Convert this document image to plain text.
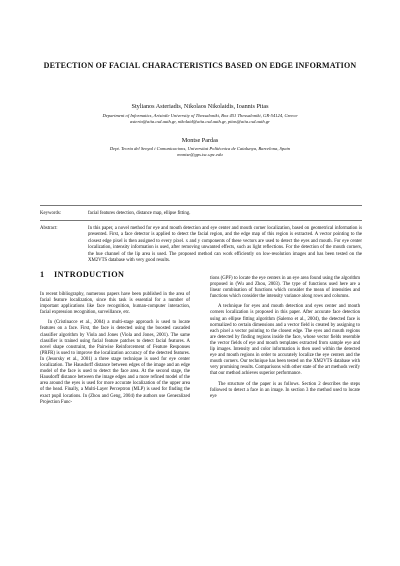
DETECTION OF FACIAL CHARACTERISTICS BASED ON EDGE INFORMATION
Stylianos Asteriadis, Nikolaos Nikolaidis, Ioannis Pitas
Department of Informatics, Aristotle University of Thessaloniki, Box 451 Thessaloniki, GR-54124, Greece
asteria@aiia.csd.auth.gr, nikolaid@aiia.csd.auth.gr, pitas@aiia.csd.auth.gr
Montse Pardas
Dept. Teoria del Senyal i Comunicacions, Universitat Politècnica de Catalunya, Barcelona, Spain
montse@gps.tsc.upc.edu
Keywords:	facial features detection, distance map, ellipse fitting.
Abstract:	In this paper, a novel method for eye and mouth detection and eye center and mouth corner localization, based on geometrical information is presented. First, a face detector is applied to detect the facial region, and the edge map of this region is extracted. A vector pointing to the closest edge pixel is then assigned to every pixel. x and y components of these vectors are used to detect the eyes and mouth. For eye center localization, intensity information is used, after removing unwanted effects, such as light reflections. For the detection of the mouth corners, the hue channel of the lip area is used. The proposed method can work efficiently on low-resolution images and has been tested on the XM2VTS database with very good results.
1 INTRODUCTION

In recent bibliography, numerous papers have been published in the area of facial feature localization, since this task is essential for a number of important applications like face recognition, human-computer interaction, facial expression recognition, surveillance, etc.

In (Cristinacce et al., 2004) a multi-stage approach is used to locate features on a face. First, the face is detected using the boosted cascaded classifier algorithm by Viola and Jones (Viola and Jones, 2001). The same classifier is trained using facial feature patches to detect facial features. A novel shape constraint, the Pairwise Reinforcement of Feature Responses (PRFR) is used to improve the localization accuracy of the detected features. In (Jesorsky et al., 2001) a three stage technique is used for eye center localization. The Hausdorff distance between edges of the image and an edge model of the face is used to detect the face area. At the second stage, the Hausdorff distance between the image edges and a more refined model of the area around the eyes is used for more accurate localization of the upper area of the head. Finally, a Multi-Layer Perceptron (MLP) is used for finding the exact pupil locations. In (Zhou and Geng, 2004) the authors use Generalized Projection Func-

tions (GPF) to locate the eye centers in an eye area found using the algorithm proposed in (Wu and Zhou, 2003). The type of functions used here are a linear combination of functions which consider the mean of intensities and functions which consider the intensity variance along rows and columns.

A technique for eyes and mouth detection and eyes center and mouth corners localization is proposed in this paper. After accurate face detection using an ellipse fitting algorithm (Salerno et al., 2004), the detected face is normalized to certain dimensions and a vector field is created by assigning to each pixel a vector pointing to the closest edge. The eyes and mouth regions are detected by finding regions inside the face, whose vector fields resemble the vector fields of eye and mouth templates extracted from sample eye and lip images. Intensity and color information is then used within the detected eye and mouth regions in order to accurately localize the eye centers and the mouth corners. Our technique has been tested on the XM2VTS database with very promising results. Comparisons with other state of the art methods verify that our method achieves superior performance.

The structure of the paper is as follows. Section 2 describes the steps followed to detect a face in an image. In section 3 the method used to locate eye
